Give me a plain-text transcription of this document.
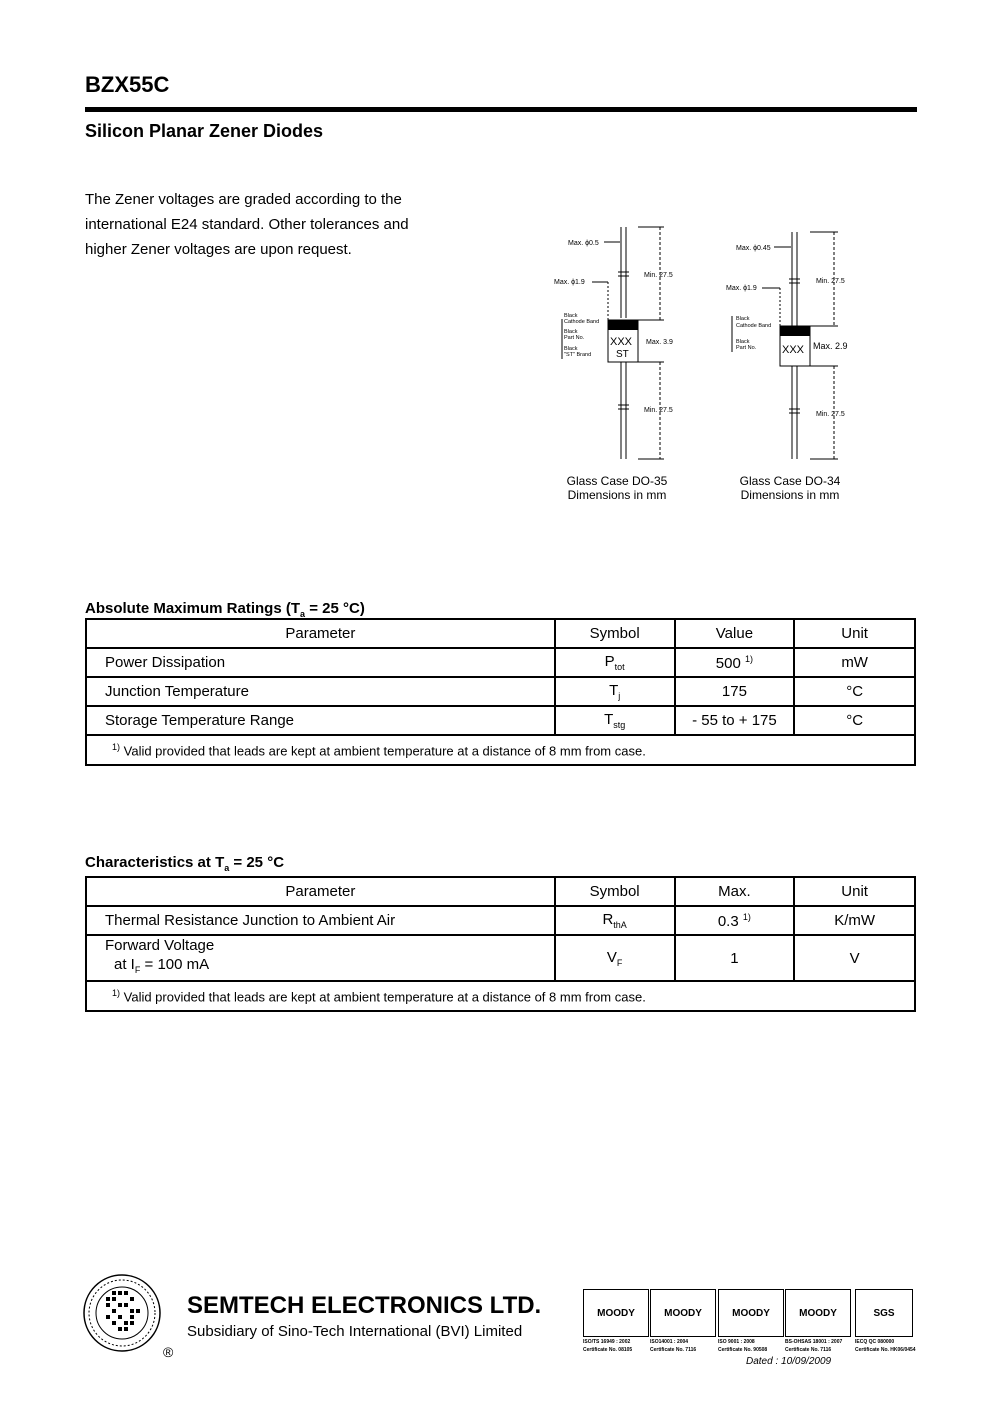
BZX55C
Silicon Planar Zener Diodes
The Zener voltages are graded according to the
international E24 standard. Other tolerances and
higher Zener voltages are upon request.	Max. ϕ0.5
Max. ϕ1.9
Min. 27.5
Max. 3.9
Min. 27.5
Black
Cathode Band
Black
Part No.
Black
"ST" Brand
XXX
ST
Max. ϕ0.45
Max. ϕ1.9
Min. 27.5
Max. 2.9
Min. 27.5
Black
Cathode Band
Black
Part No. XXX
Glass Case DO-35
Dimensions in mm
Glass Case DO-34
Dimensions in mm
Absolute Maximum Ratings ($T_a = 25$ °C)
Parameter	Symbol	Value	Unit
Power Dissipation	$P_{tot}$	500 $^{1)}$	mW
Junction Temperature	$T_j$	175	°C
Storage Temperature Range	$T_{stg}$	- 55 to + 175	°C
$^{1)}$ Valid provided that leads are kept at ambient temperature at a distance of 8 mm from case.			
Characteristics at $T_a = 25$ °C
Parameter	Symbol	Max.	Unit
Thermal Resistance Junction to Ambient Air	$R_{thA}$	0.3 $^{1)}$	K/mW

Forward Voltage
at $I_F = 100$ mA	$V_F$	1	V
$^{1)}$ Valid provided that leads are kept at ambient temperature at a distance of 8 mm from case.			
®
SEMTECH ELECTRONICS LTD.
Subsidiary of Sino-Tech International (BVI) Limited
MOODY
ISO/TS 16949 : 2002
Certificate No. 08105
MOODY
ISO14001 : 2004
Certificate No. 7116
MOODY
ISO 9001 : 2008
Certificate No. 90508
MOODY
BS-OHSAS 18001 : 2007
Certificate No. 7116
SGS
IECQ QC 080000
Certificate No. HK06/0454
Dated : 10/09/2009
